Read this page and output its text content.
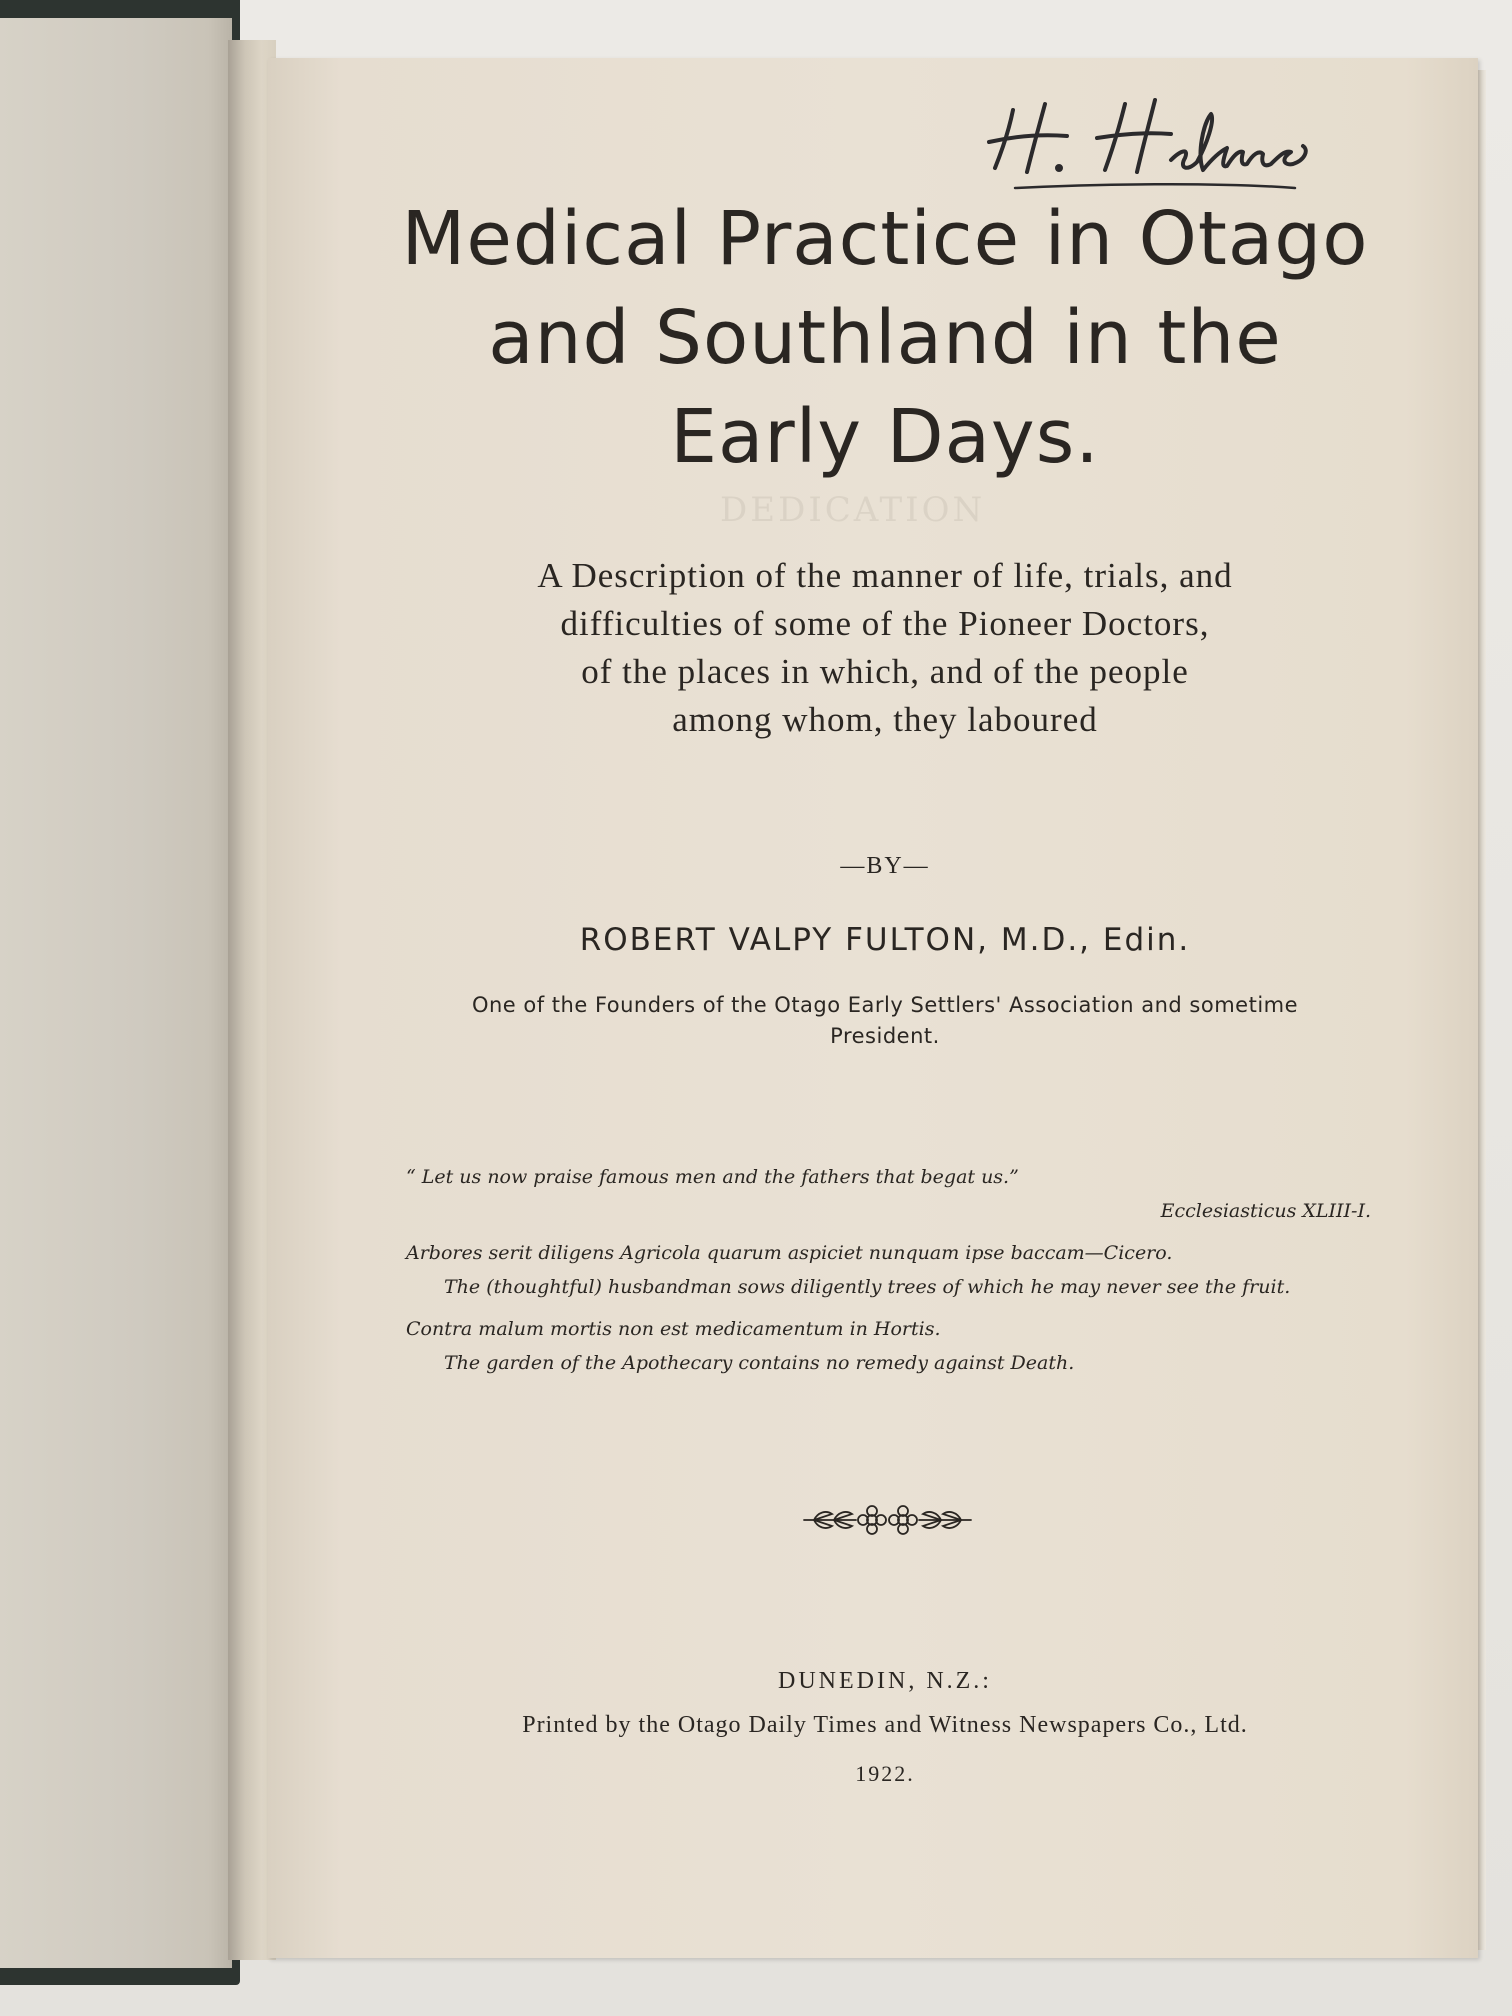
DEDICATION
Medical Practice in Otago
and Southland in the
Early Days.
A Description of the manner of life, trials, and
difficulties of some of the Pioneer Doctors,
of the places in which, and of the people
among whom, they laboured
—BY—
ROBERT VALPY FULTON, M.D., Edin.
One of the Founders of the Otago Early Settlers' Association and sometime
President.
“ Let us now praise famous men and the fathers that begat us.”
Ecclesiasticus XLIII-I.
Arbores serit diligens Agricola quarum aspiciet nunquam ipse baccam—Cicero.
The (thoughtful) husbandman sows diligently trees of which he may never see the fruit.
Contra malum mortis non est medicamentum in Hortis.
The garden of the Apothecary contains no remedy against Death.
DUNEDIN, N.Z.:
Printed by the Otago Daily Times and Witness Newspapers Co., Ltd.
1922.
